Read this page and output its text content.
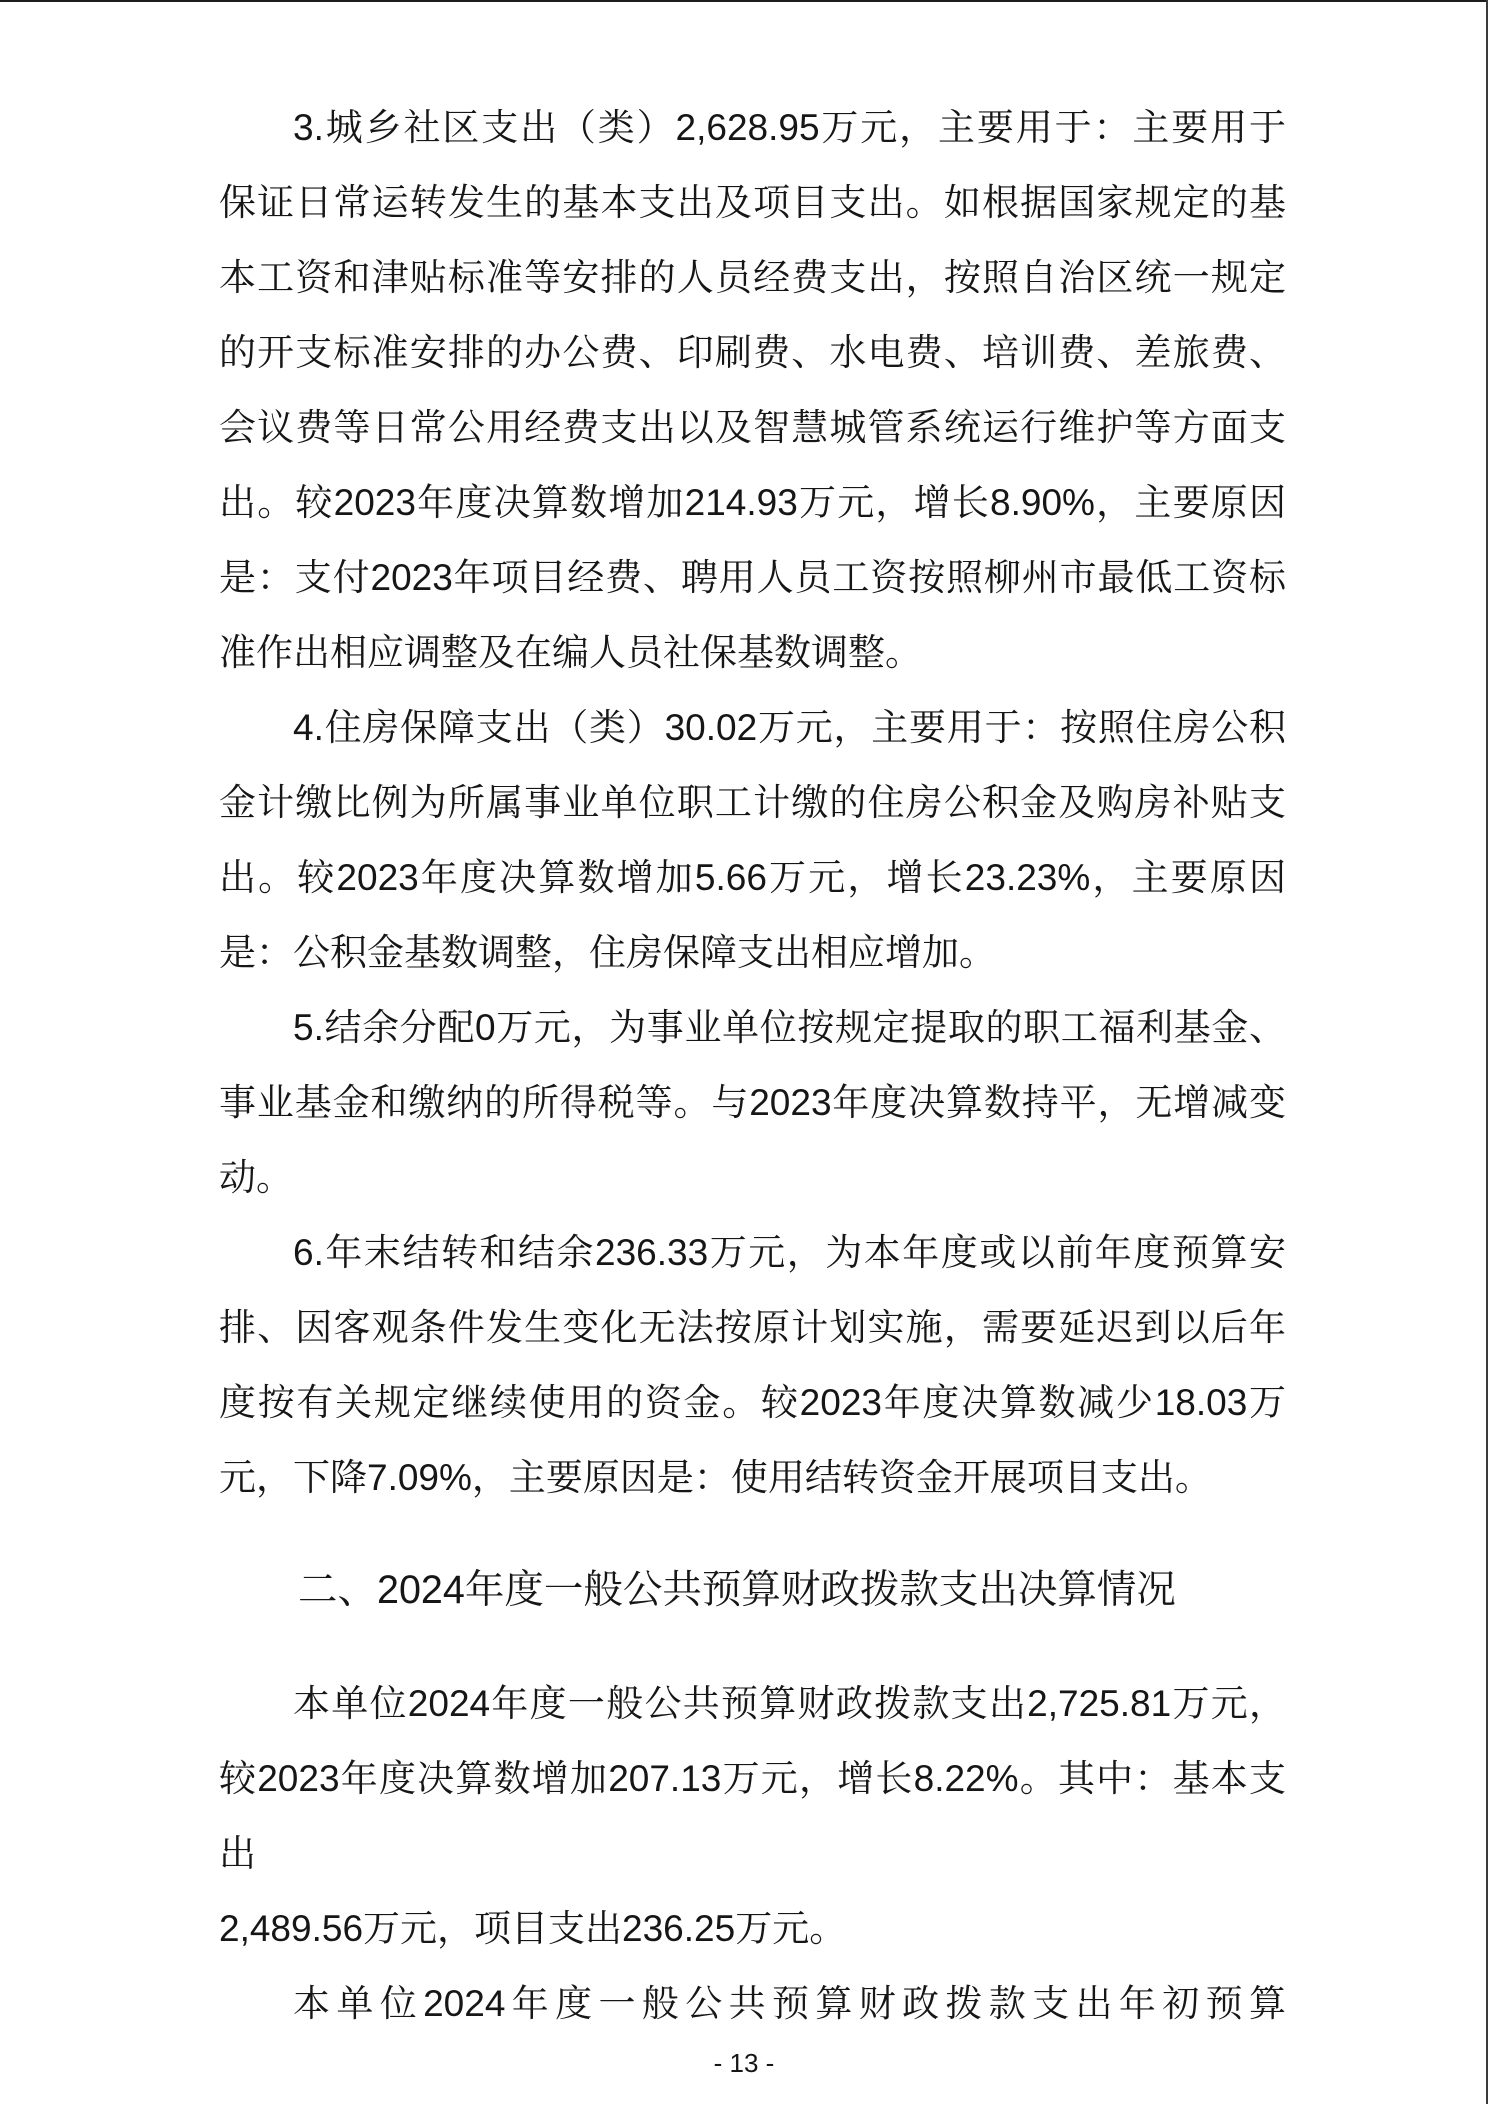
3.城乡社区支出（类）2,628.95万元，主要用于：主要用于
保证日常运转发生的基本支出及项目支出。如根据国家规定的基
本工资和津贴标准等安排的人员经费支出，按照自治区统一规定
的开支标准安排的办公费、印刷费、水电费、培训费、差旅费、
会议费等日常公用经费支出以及智慧城管系统运行维护等方面支
出。较2023年度决算数增加214.93万元，增长8.90%，主要原因
是：支付2023年项目经费、聘用人员工资按照柳州市最低工资标
准作出相应调整及在编人员社保基数调整。
4.住房保障支出（类）30.02万元，主要用于：按照住房公积
金计缴比例为所属事业单位职工计缴的住房公积金及购房补贴支
出。较2023年度决算数增加5.66万元，增长23.23%，主要原因
是：公积金基数调整，住房保障支出相应增加。
5.结余分配0万元，为事业单位按规定提取的职工福利基金、
事业基金和缴纳的所得税等。与2023年度决算数持平，无增减变
动。
6.年末结转和结余236.33万元，为本年度或以前年度预算安
排、因客观条件发生变化无法按原计划实施，需要延迟到以后年
度按有关规定继续使用的资金。较2023年度决算数减少18.03万
元，下降7.09%，主要原因是：使用结转资金开展项目支出。
二、2024年度一般公共预算财政拨款支出决算情况
本单位2024年度一般公共预算财政拨款支出2,725.81万元，
较2023年度决算数增加207.13万元，增长8.22%。其中：基本支出
2,489.56万元，项目支出236.25万元。
本单位2024年度一般公共预算财政拨款支出年初预算
- 13 -
